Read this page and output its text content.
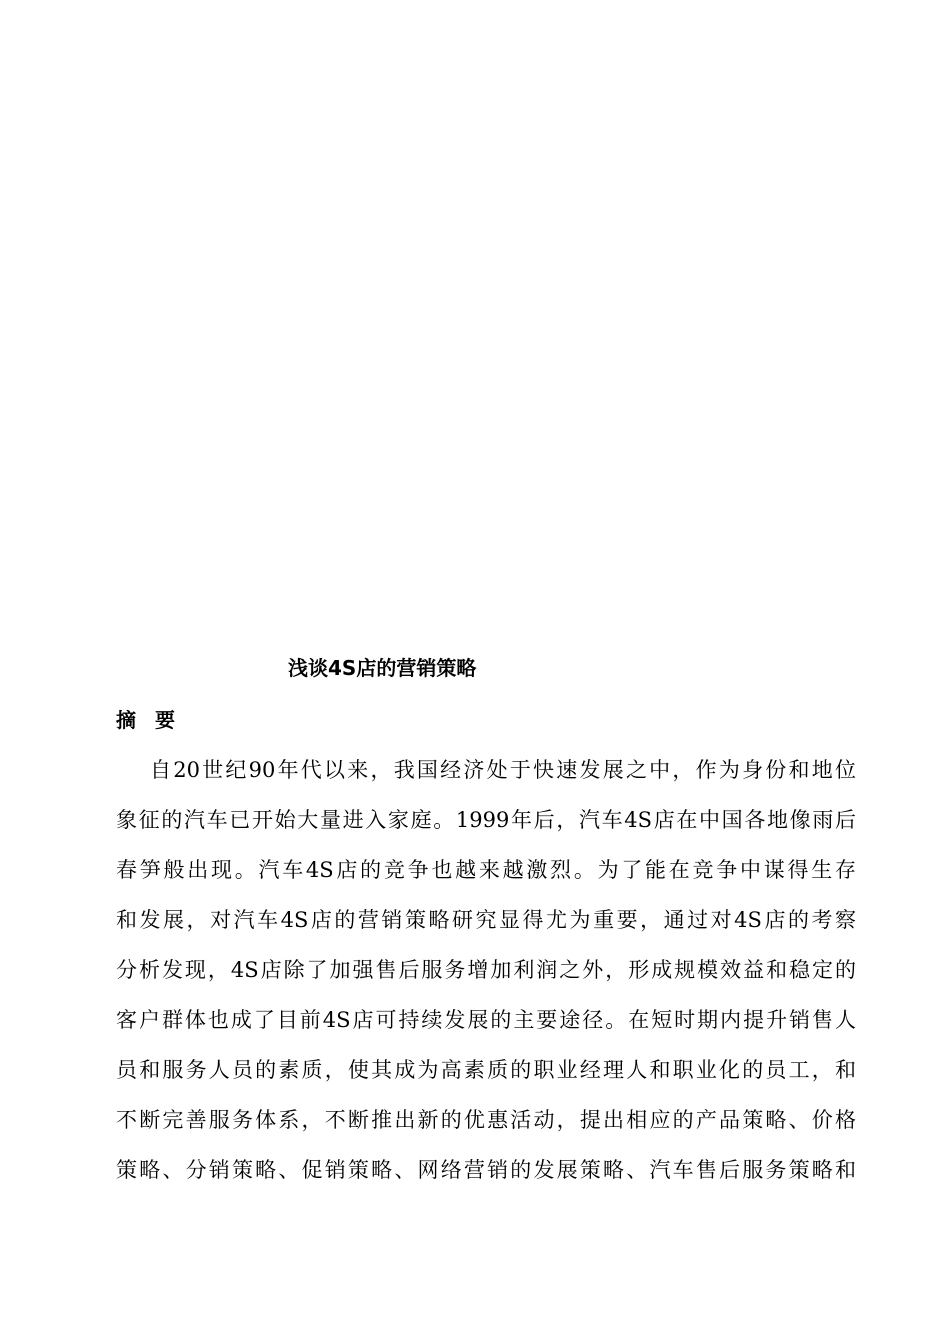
浅谈4S店的营销策略
摘 要
自20世纪90年代以来，我国经济处于快速发展之中，作为身份和地位
象征的汽车已开始大量进入家庭。1999年后，汽车4S店在中国各地像雨后
春笋般出现。汽车4S店的竞争也越来越激烈。为了能在竞争中谋得生存
和发展，对汽车4S店的营销策略研究显得尤为重要，通过对4S店的考察
分析发现，4S店除了加强售后服务增加利润之外，形成规模效益和稳定的
客户群体也成了目前4S店可持续发展的主要途径。在短时期内提升销售人
员和服务人员的素质，使其成为高素质的职业经理人和职业化的员工，和
不断完善服务体系，不断推出新的优惠活动，提出相应的产品策略、价格
策略、分销策略、促销策略、网络营销的发展策略、汽车售后服务策略和
